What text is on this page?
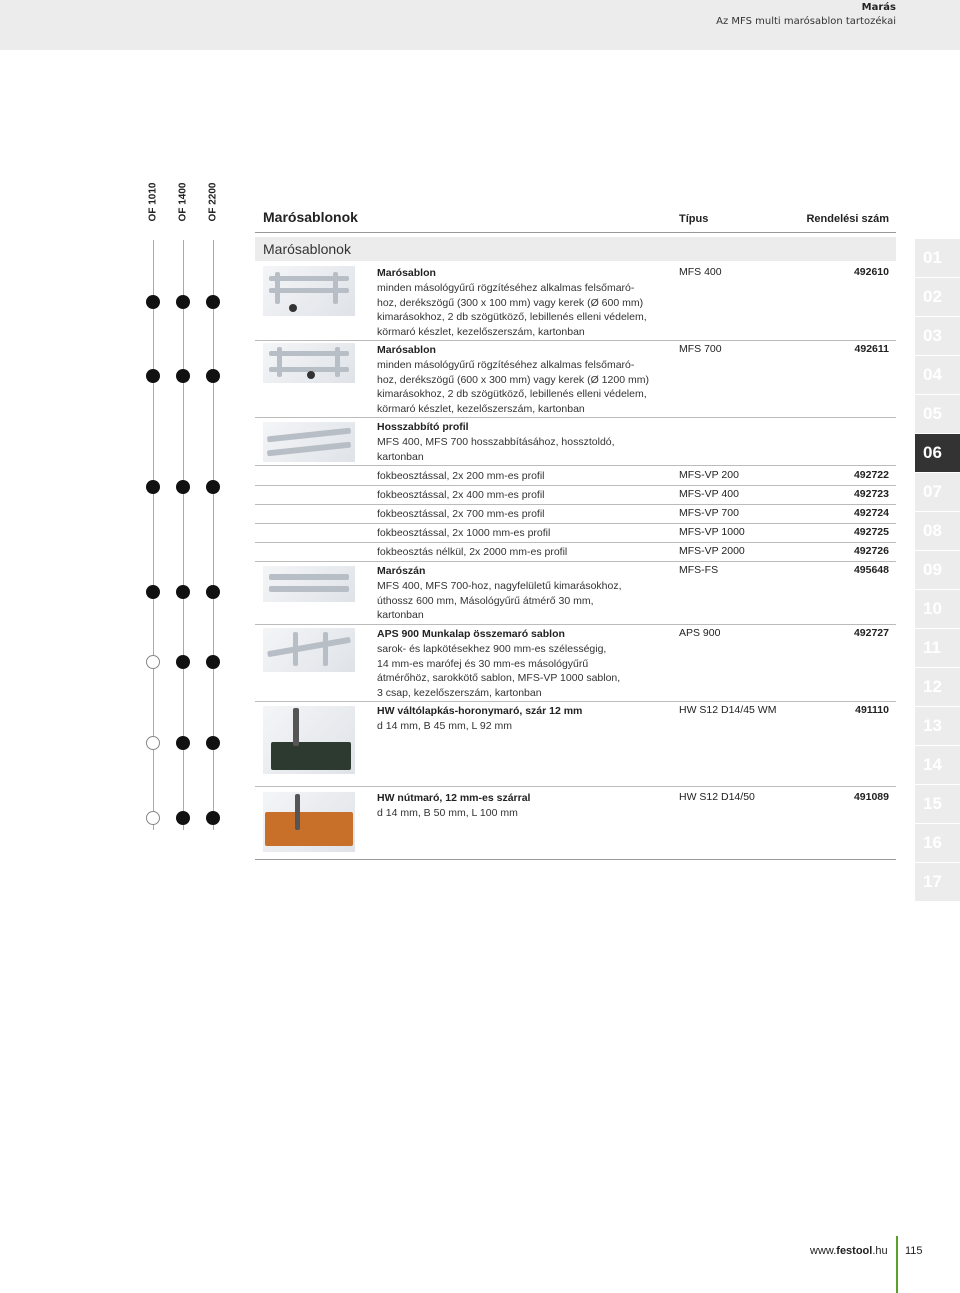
Marás
Az MFS multi marósablon tartozékai
OF 1010 OF 1400 OF 2200	Marósablonok	Típus	Rendelési szám
Marósablonok
Marósablon
minden másológyűrű rögzítéséhez alkalmas felsőmaró-
hoz, derékszögű (300 x 100 mm) vagy kerek (Ø 600 mm)
kimarásokhoz, 2 db szögütköző, lebillenés elleni védelem,
körmaró készlet, kezelőszerszám, kartonban
MFS 400	492610
Marósablon
minden másológyűrű rögzítéséhez alkalmas felsőmaró-
hoz, derékszögű (600 x 300 mm) vagy kerek (Ø 1200 mm)
kimarásokhoz, 2 db szögütköző, lebillenés elleni védelem,
körmaró készlet, kezelőszerszám, kartonban
MFS 700	492611
Hosszabbító profil
MFS 400, MFS 700 hosszabbításához, hossztoldó,
kartonban
fokbeosztással, 2x 200 mm-es profil	MFS-VP 200	492722
fokbeosztással, 2x 400 mm-es profil	MFS-VP 400	492723
fokbeosztással, 2x 700 mm-es profil	MFS-VP 700	492724
fokbeosztással, 2x 1000 mm-es profil	MFS-VP 1000	492725
fokbeosztás nélkül, 2x 2000 mm-es profil	MFS-VP 2000	492726
Marószán
MFS 400, MFS 700-hoz, nagyfelületű kimarásokhoz,
úthossz 600 mm, Másológyűrű átmérő 30 mm,
kartonban
MFS-FS	495648
APS 900 Munkalap összemaró sablon
sarok- és lapkötésekhez 900 mm-es szélességig,
14 mm-es marófej és 30 mm-es másológyűrű
átmérőhöz, sarokkötő sablon, MFS-VP 1000 sablon,
3 csap, kezelőszerszám, kartonban
APS 900	492727
HW váltólapkás-horonymaró, szár 12 mm
d 14 mm, B 45 mm, L 92 mm
HW S12 D14/45 WM	491110
HW nútmaró, 12 mm-es szárral
d 14 mm, B 50 mm, L 100 mm
HW S12 D14/50	491089
01
02
03
04
05
06
07
08
09
10
11
12
13
14
15
16
17
www.festool.hu 115
